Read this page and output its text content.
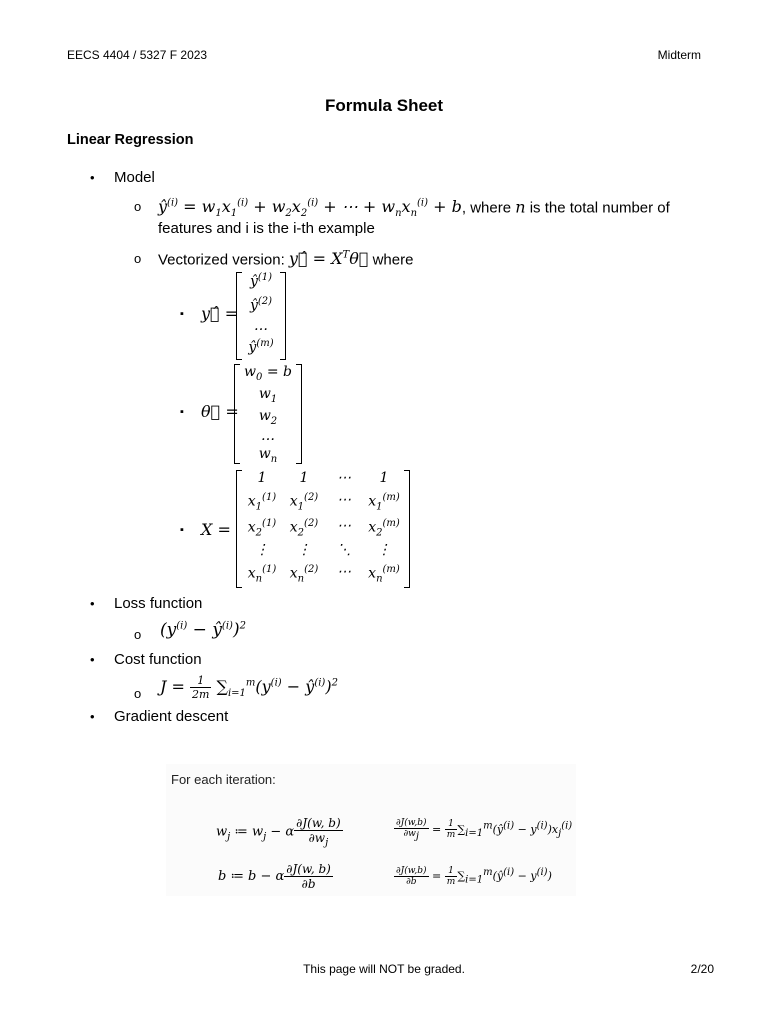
EECS 4404 / 5327 F 2023	Midterm
Formula Sheet
Linear Regression
• Model
o $ŷ^{(i)} = w_1x_1^{(i)} + w_2x_2^{(i)}$ + ⋯ + $w_nx_n^{(i)} + b$, where n is the total number of
features and i is the i-th example
o Vectorized version: y⃗̂ = $X^T\theta⃗$ where
▪ y⃗̂ =
$ŷ^{(1)}$
$ŷ^{(2)}$
…
$ŷ^{(m)}$
▪ θ⃗ =
$w_0 = b$
$w_1$
$w_2$
…
$w_n$
▪ X =
1	1	⋯	1
$x_1^{(1)}$ $x_1^{(2)}$	⋯	$x_1^{(m)}$
$x_2^{(1)}$ $x_2^{(2)}$	⋯	$x_2^{(m)}$
⋮	⋮	⋱	⋮
$x_n^{(1)}$ $x_n^{(2)}$	⋯	$x_n^{(m)}$
• Loss function
o ($y^{(i)}$ − $ŷ^{(i)})^2$
• Cost function
o $J = \frac{1}{2m} \sum_{i=1}^m(y^{(i)}$ − $ŷ^{(i)})^2$
• Gradient descent
For each iteration:
$w_j$ ≔ $w_j - \alpha \frac{\partial J(w, b)}{\partial w_j}$	$\frac{\partial J(w,b)}{\partial w_j} = \frac{1}{m}$ $\sum_{i=1}^m(ŷ^{(i)} - y^{(i)})x_j^{(i)}$
b ≔ b − α $\frac{\partial J(w, b)}{\partial b}$	$\frac{\partial J(w,b)}{\partial b} = \frac{1}{m}$ $\sum_{i=1}^m(ŷ^{(i)} - y^{(i)})$
This page will NOT be graded.	2/20
